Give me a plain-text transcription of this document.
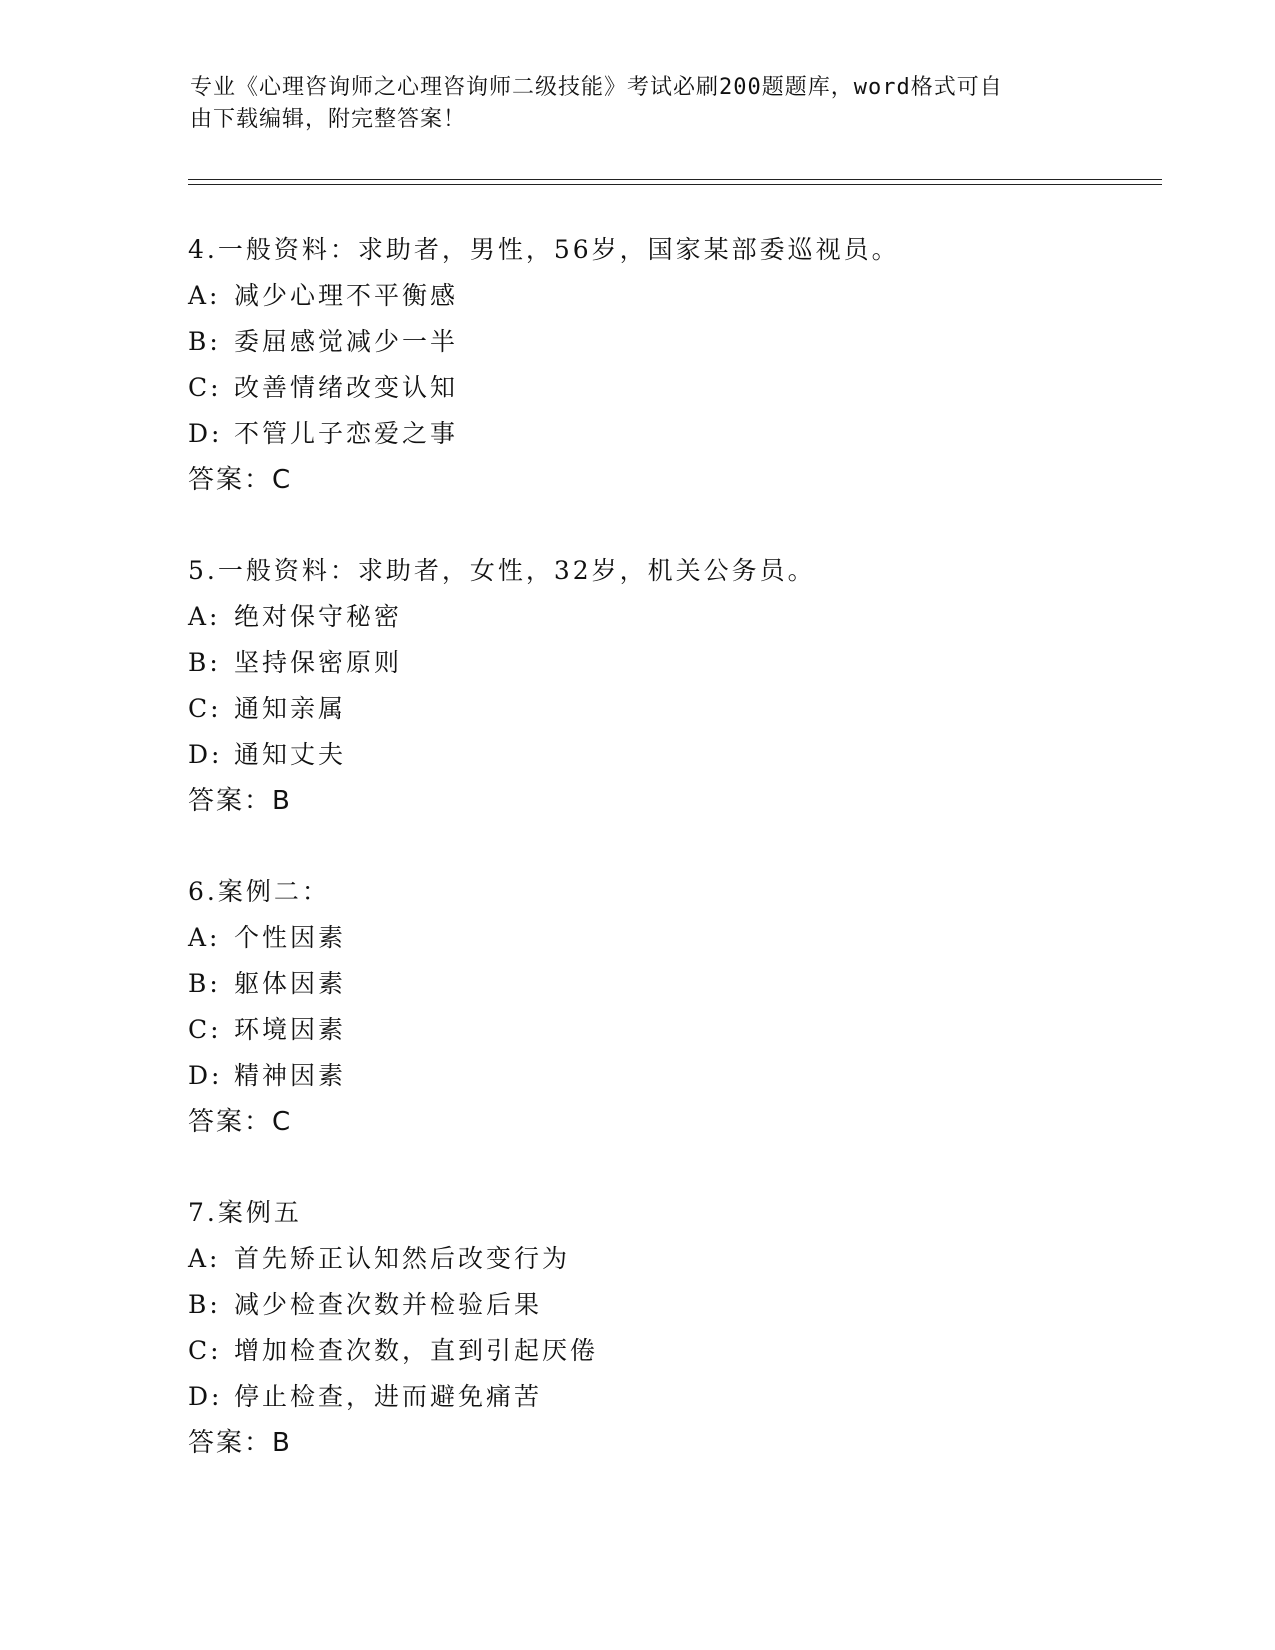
专业《心理咨询师之心理咨询师二级技能》考试必刷200题题库，word格式可自
由下载编辑，附完整答案！
4.一般资料：求助者，男性，56岁，国家某部委巡视员。
A: 减少心理不平衡感
B: 委屈感觉减少一半
C: 改善情绪改变认知
D: 不管儿子恋爱之事
答案：C
5.一般资料：求助者，女性，32岁，机关公务员。
A: 绝对保守秘密
B: 坚持保密原则
C: 通知亲属
D: 通知丈夫
答案：B
6.案例二：
A: 个性因素
B: 躯体因素
C: 环境因素
D: 精神因素
答案：C
7.案例五
A: 首先矫正认知然后改变行为
B: 减少检查次数并检验后果
C: 增加检查次数，直到引起厌倦
D: 停止检查，进而避免痛苦
答案：B
